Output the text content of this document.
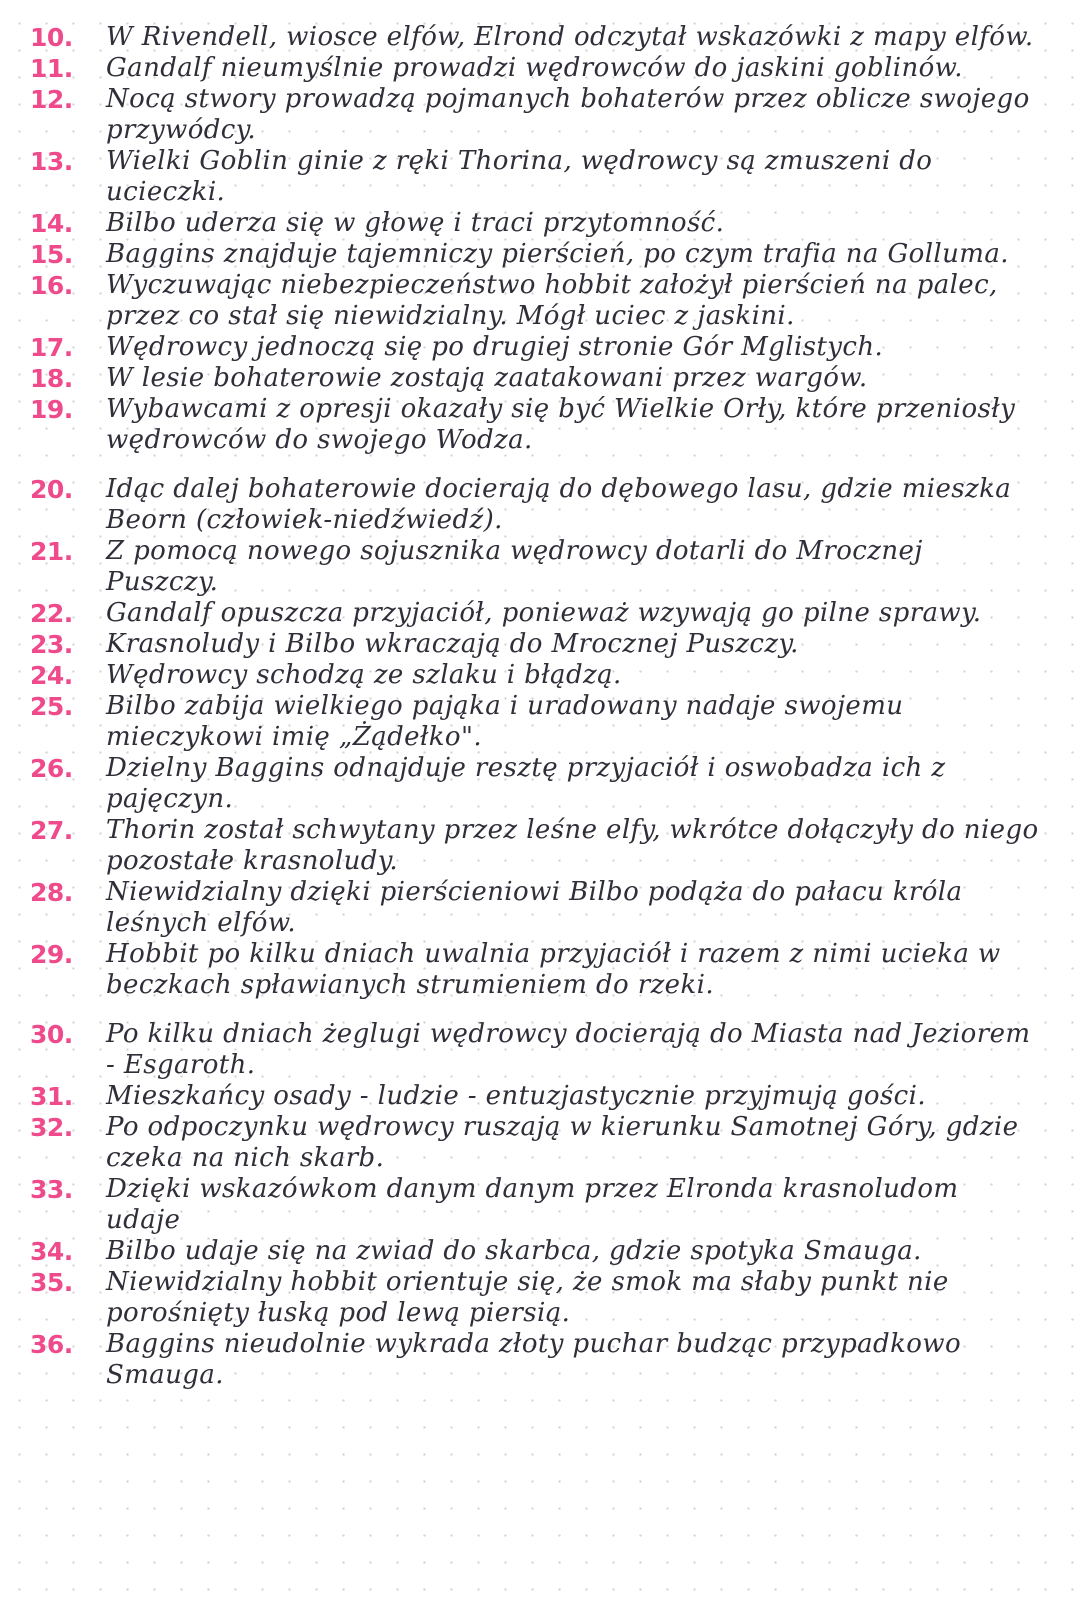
10.	W Rivendell, wiosce elfów, Elrond odczytał wskazówki z mapy elfów.
11.	Gandalf nieumyślnie prowadzi wędrowców do jaskini goblinów.
12.	Nocą stwory prowadzą pojmanych bohaterów przez oblicze swojego przywódcy.
13.	Wielki Goblin ginie z ręki Thorina, wędrowcy są zmuszeni do ucieczki.
14.	Bilbo uderza się w głowę i traci przytomność.
15.	Baggins znajduje tajemniczy pierścień, po czym trafia na Golluma.
16.	Wyczuwając niebezpieczeństwo hobbit założył pierścień na palec, przez co stał się niewidzialny. Mógł uciec z jaskini.
17.	Wędrowcy jednoczą się po drugiej stronie Gór Mglistych.
18.	W lesie bohaterowie zostają zaatakowani przez wargów.
19.	Wybawcami z opresji okazały się być Wielkie Orły, które przeniosły wędrowców do swojego Wodza.
20.	Idąc dalej bohaterowie docierają do dębowego lasu, gdzie mieszka Beorn (człowiek-niedźwiedź).
21.	Z pomocą nowego sojusznika wędrowcy dotarli do Mrocznej Puszczy.
22.	Gandalf opuszcza przyjaciół, ponieważ wzywają go pilne sprawy.
23.	Krasnoludy i Bilbo wkraczają do Mrocznej Puszczy.
24.	Wędrowcy schodzą ze szlaku i błądzą.
25.	Bilbo zabija wielkiego pająka i uradowany nadaje swojemu mieczykowi imię „Żądełko".
26.	Dzielny Baggins odnajduje resztę przyjaciół i oswobadza ich z pajęczyn.
27.	Thorin został schwytany przez leśne elfy, wkrótce dołączyły do niego pozostałe krasnoludy.
28.	Niewidzialny dzięki pierścieniowi Bilbo podąża do pałacu króla leśnych elfów.
29.	Hobbit po kilku dniach uwalnia przyjaciół i razem z nimi ucieka w beczkach spławianych strumieniem do rzeki.
30.	Po kilku dniach żeglugi wędrowcy docierają do Miasta nad Jeziorem - Esgaroth.
31.	Mieszkańcy osady - ludzie - entuzjastycznie przyjmują gości.
32.	Po odpoczynku wędrowcy ruszają w kierunku Samotnej Góry, gdzie czeka na nich skarb.
33.	Dzięki wskazówkom danym danym przez Elronda krasnoludom udaje
34.	Bilbo udaje się na zwiad do skarbca, gdzie spotyka Smauga.
35.	Niewidzialny hobbit orientuje się, że smok ma słaby punkt nie porośnięty łuską pod lewą piersią.
36.	Baggins nieudolnie wykrada złoty puchar budząc przypadkowo Smauga.
